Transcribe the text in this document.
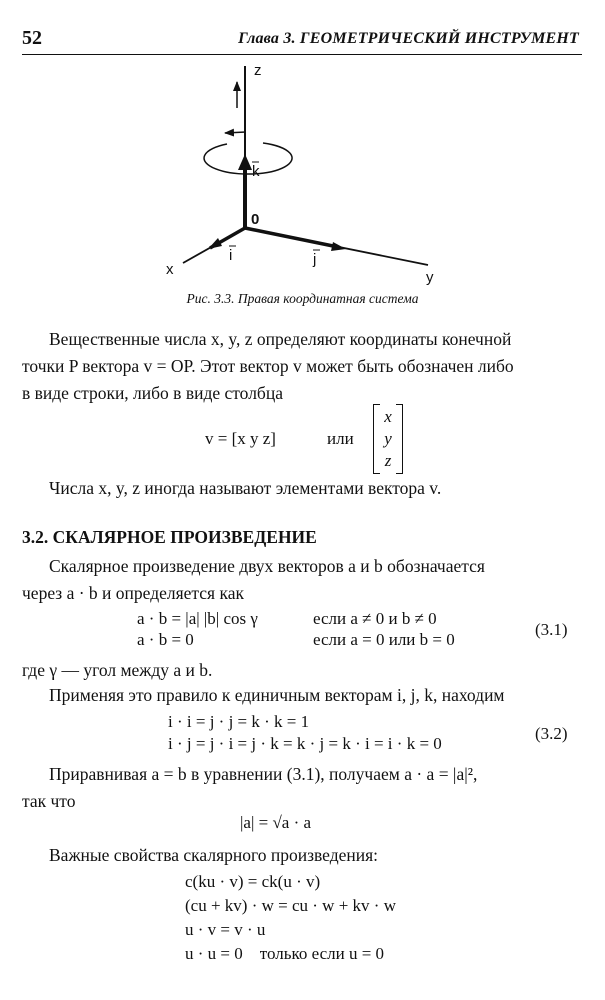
52	Глава 3. ГЕОМЕТРИЧЕСКИЙ ИНСТРУМЕНТ
z
0
k
i	j
x	y
Рис. 3.3. Правая координатная система
Вещественные числа x, y, z определяют координаты конечной
точки P вектора v = OP. Этот вектор v может быть обозначен либо
в виде строки, либо в виде столбца
v = [x y z]	или
x
y
z
Числа x, y, z иногда называют элементами вектора v.
3.2. СКАЛЯРНОЕ ПРОИЗВЕДЕНИЕ
Скалярное произведение двух векторов a и b обозначается
через a · b и определяется как
a · b = |a| |b| cos γ	если a ≠ 0 и b ≠ 0
a · b = 0	если a = 0 или b = 0
(3.1)
где γ — угол между a и b.
Применяя это правило к единичным векторам i, j, k, находим
i · i = j · j = k · k = 1
i · j = j · i = j · k = k · j = k · i = i · k = 0
(3.2)
Приравнивая a = b в уравнении (3.1), получаем a · a = |a|²,
так что
|a| = √a · a
Важные свойства скалярного произведения:
c(ku · v) = ck(u · v)
(cu + kv) · w = cu · w + kv · w
u · v = v · u
u · u = 0    только если u = 0
